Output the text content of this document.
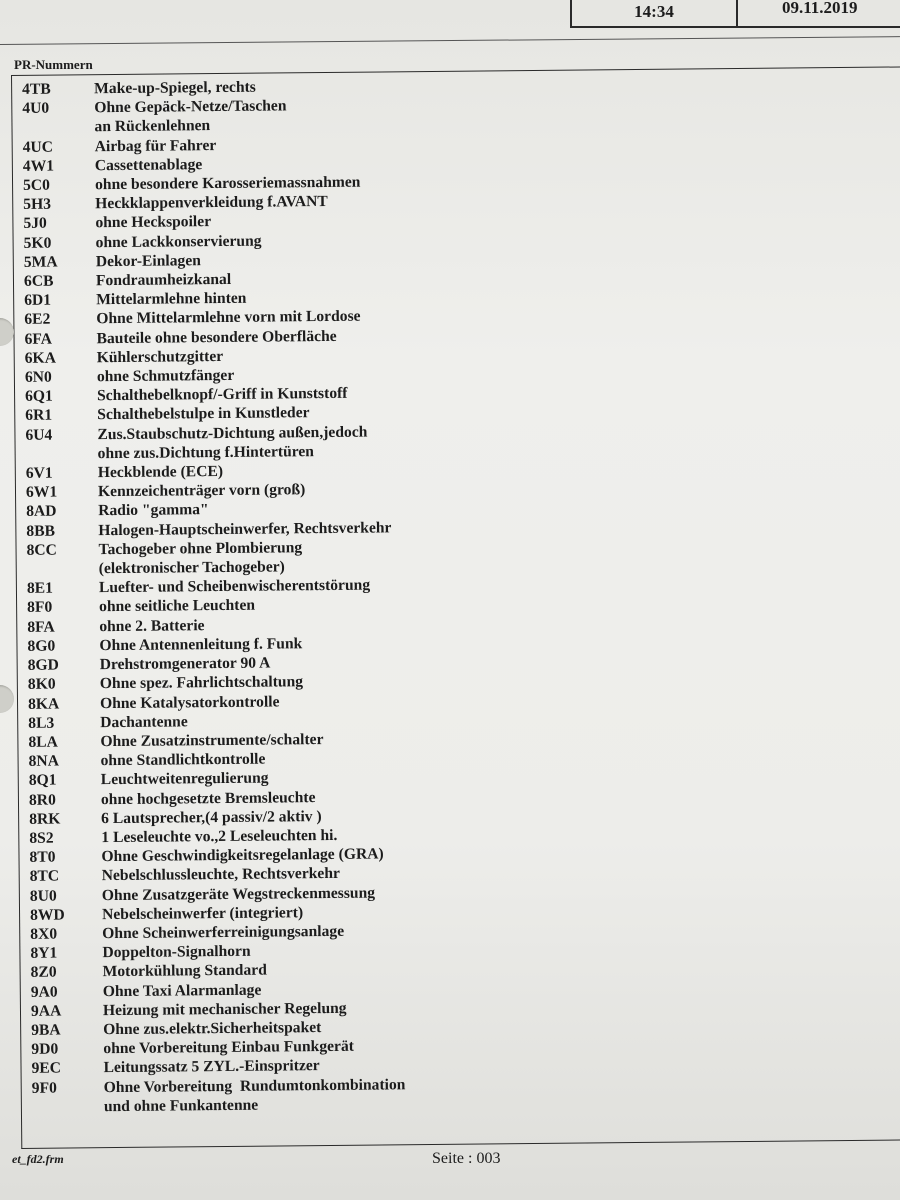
14:34	09.11.2019
PR-Nummern
4TB	Make-up-Spiegel, rechts
4U0	Ohne Gepäck-Netze/Taschen
an Rückenlehnen
4UC	Airbag für Fahrer
4W1	Cassettenablage
5C0	ohne besondere Karosseriemassnahmen
5H3	Heckklappenverkleidung f.AVANT
5J0	ohne Heckspoiler
5K0	ohne Lackkonservierung
5MA	Dekor-Einlagen
6CB	Fondraumheizkanal
6D1	Mittelarmlehne hinten
6E2	Ohne Mittelarmlehne vorn mit Lordose
6FA	Bauteile ohne besondere Oberfläche
6KA	Kühlerschutzgitter
6N0	ohne Schmutzfänger
6Q1	Schalthebelknopf/-Griff in Kunststoff
6R1	Schalthebelstulpe in Kunstleder
6U4	Zus.Staubschutz-Dichtung außen,jedoch
ohne zus.Dichtung f.Hintertüren
6V1	Heckblende (ECE)
6W1	Kennzeichenträger vorn (groß)
8AD	Radio "gamma"
8BB	Halogen-Hauptscheinwerfer, Rechtsverkehr
8CC	Tachogeber ohne Plombierung
(elektronischer Tachogeber)
8E1	Luefter- und Scheibenwischerentstörung
8F0	ohne seitliche Leuchten
8FA	ohne 2. Batterie
8G0	Ohne Antennenleitung f. Funk
8GD	Drehstromgenerator 90 A
8K0	Ohne spez. Fahrlichtschaltung
8KA	Ohne Katalysatorkontrolle
8L3	Dachantenne
8LA	Ohne Zusatzinstrumente/schalter
8NA	ohne Standlichtkontrolle
8Q1	Leuchtweitenregulierung
8R0	ohne hochgesetzte Bremsleuchte
8RK	6 Lautsprecher,(4 passiv/2 aktiv )
8S2	1 Leseleuchte vo.,2 Leseleuchten hi.
8T0	Ohne Geschwindigkeitsregelanlage (GRA)
8TC	Nebelschlussleuchte, Rechtsverkehr
8U0	Ohne Zusatzgeräte Wegstreckenmessung
8WD	Nebelscheinwerfer (integriert)
8X0	Ohne Scheinwerferreinigungsanlage
8Y1	Doppelton-Signalhorn
8Z0	Motorkühlung Standard
9A0	Ohne Taxi Alarmanlage
9AA	Heizung mit mechanischer Regelung
9BA	Ohne zus.elektr.Sicherheitspaket
9D0	ohne Vorbereitung Einbau Funkgerät
9EC	Leitungssatz 5 ZYL.-Einspritzer
9F0	Ohne Vorbereitung  Rundumtonkombination
und ohne Funkantenne
et_fd2.frm	Seite : 003
